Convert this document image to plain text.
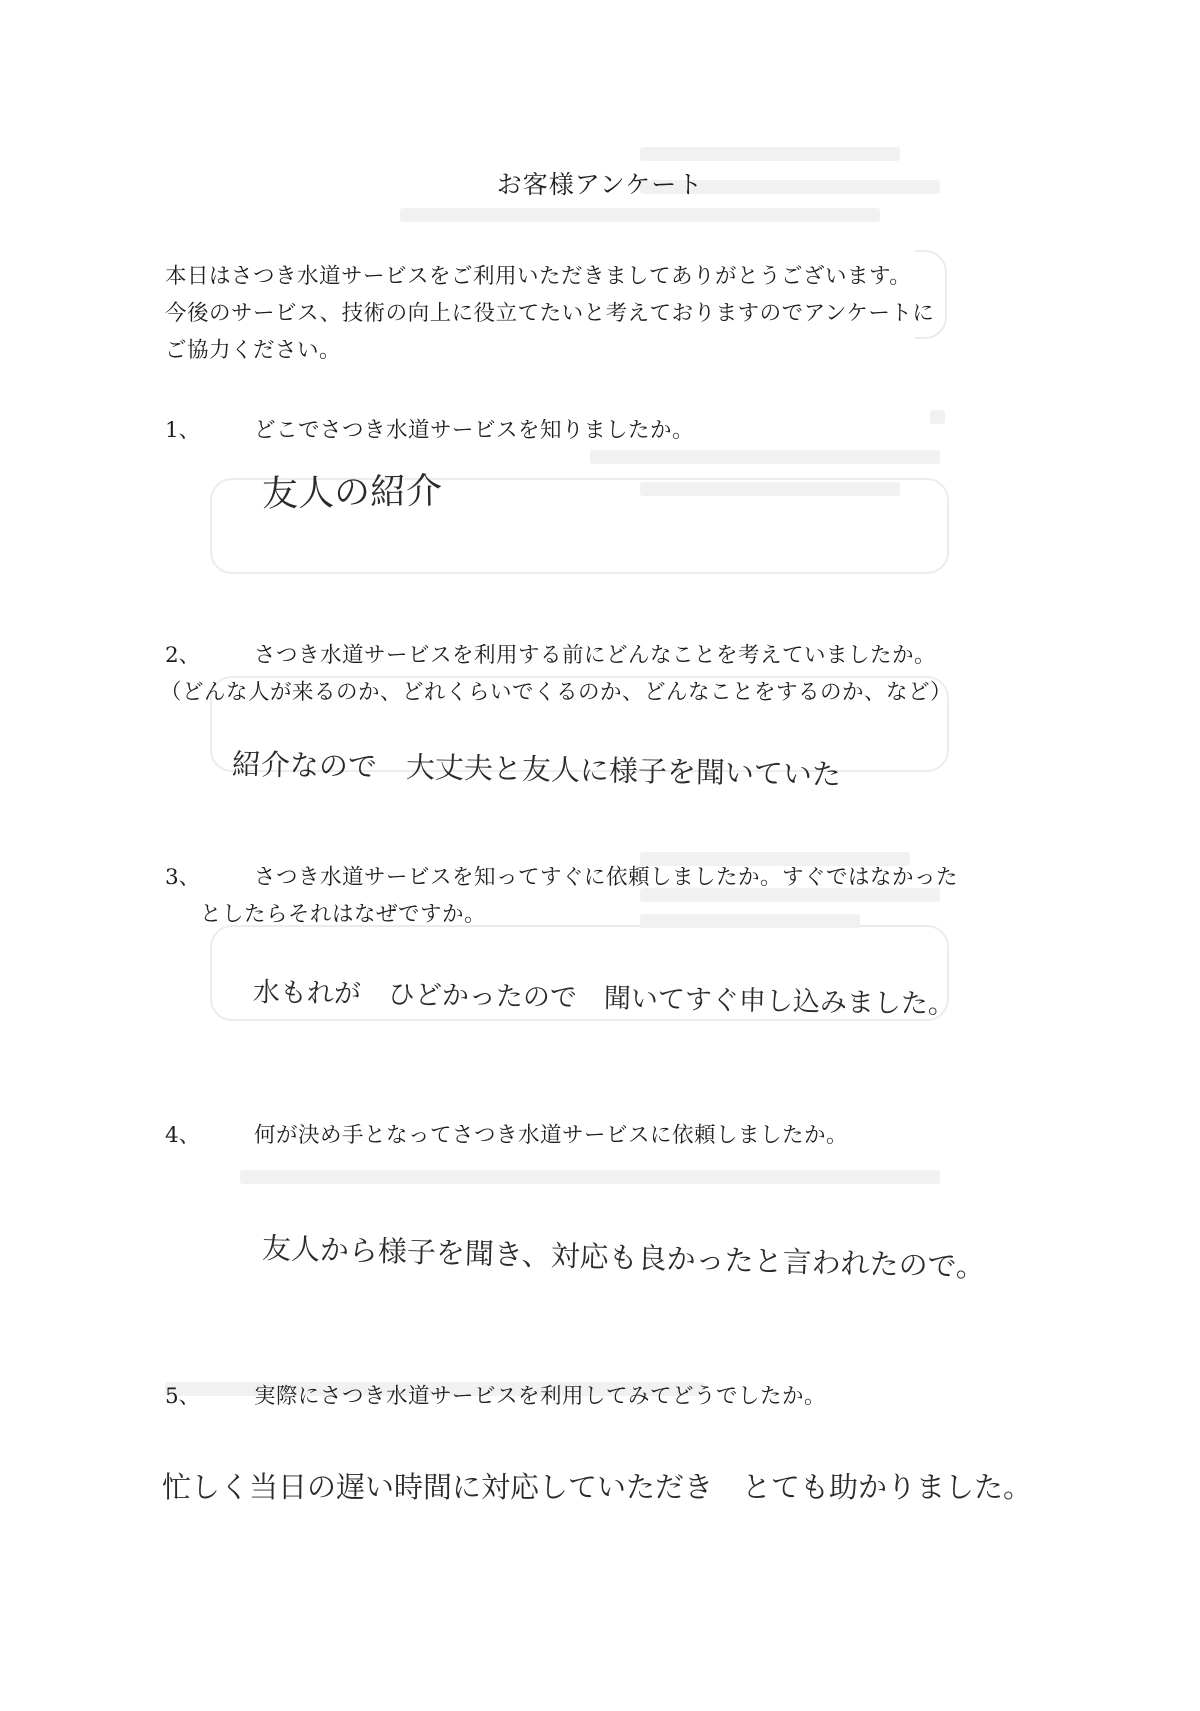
お客様アンケート
本日はさつき水道サービスをご利用いただきましてありがとうございます。
今後のサービス、技術の向上に役立てたいと考えておりますのでアンケートに
ご協力ください。
1、	どこでさつき水道サービスを知りましたか。
友人の紹介
2、	さつき水道サービスを利用する前にどんなことを考えていましたか。
（どんな人が来るのか、どれくらいでくるのか、どんなことをするのか、など）
紹介なので　大丈夫と友人に様子を聞いていた
3、	さつき水道サービスを知ってすぐに依頼しましたか。すぐではなかった
としたらそれはなぜですか。
水もれが　ひどかったので　聞いてすぐ申し込みました。
4、	何が決め手となってさつき水道サービスに依頼しましたか。
友人から様子を聞き、対応も良かったと言われたので。
5、	実際にさつき水道サービスを利用してみてどうでしたか。
忙しく当日の遅い時間に対応していただき　とても助かりました。
